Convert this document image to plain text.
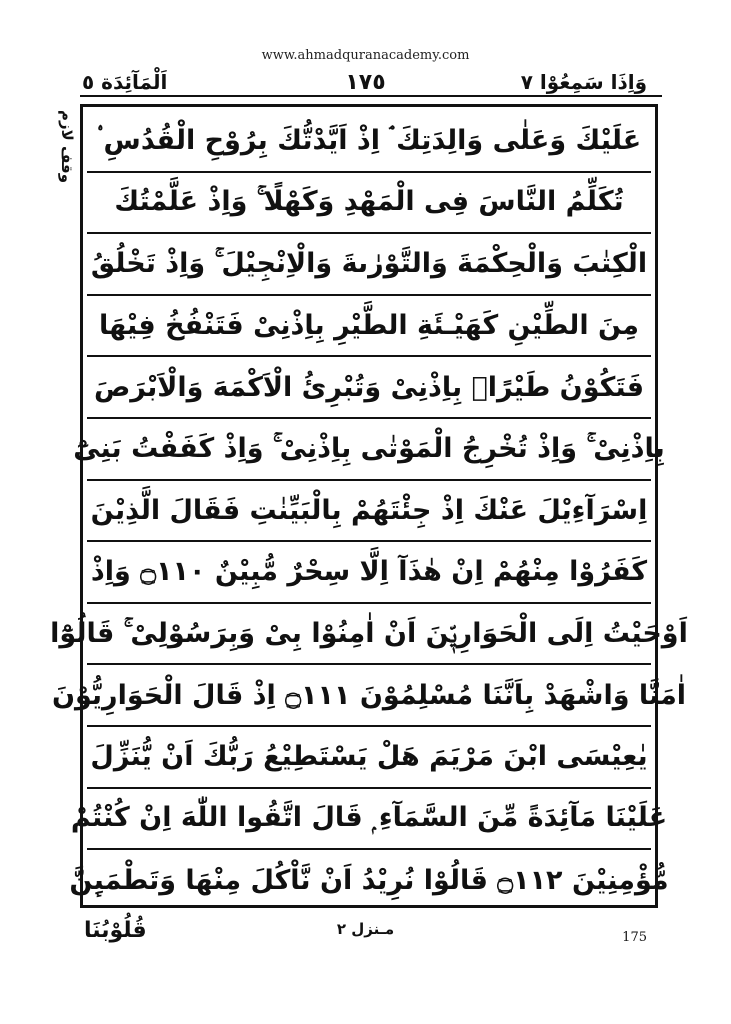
www.ahmadquranacademy.com
اَلْمَآئِدَة ٥	١٧٥	وَاِذَا سَمِعُوْا ٧
وقف لازم عَلَيْكَ وَعَلٰى وَالِدَتِكَ ۘ اِذْ اَيَّدْتُّكَ بِرُوْحِ الْقُدُسِ ۟
تُكَلِّمُ النَّاسَ فِى الْمَهْدِ وَكَهْلًا ۚ وَاِذْ عَلَّمْتُكَ
الْكِتٰبَ وَالْحِكْمَةَ وَالتَّوْرٰىةَ وَالْاِنْجِيْلَ ۚ وَاِذْ تَخْلُقُ
مِنَ الطِّيْنِ كَهَيْـئَةِ الطَّيْرِ بِاِذْنِىْ فَتَنْفُخُ فِيْهَا
فَتَكُوْنُ طَيْرًاۢ بِاِذْنِىْ وَتُبْرِئُ الْاَكْمَهَ وَالْاَبْرَصَ
بِاِذْنِىْ ۚ وَاِذْ تُخْرِجُ الْمَوْتٰى بِاِذْنِىْ ۚ وَاِذْ كَفَفْتُ بَنِىْٓ
اِسْرَآءِيْلَ عَنْكَ اِذْ جِئْتَهُمْ بِالْبَيِّنٰتِ فَقَالَ الَّذِيْنَ
كَفَرُوْا مِنْهُمْ اِنْ هٰذَآ اِلَّا سِحْرٌ مُّبِيْنٌ ۝١١٠ وَاِذْ
اَوْحَيْتُ اِلَى الْحَوَارِيّٖنَ اَنْ اٰمِنُوْا بِىْ وَبِرَسُوْلِىْ ۚ قَالُوْٓا
اٰمَنَّا وَاشْهَدْ بِاَنَّنَا مُسْلِمُوْنَ ۝١١١ اِذْ قَالَ الْحَوَارِيُّوْنَ
يٰعِيْسَى ابْنَ مَرْيَمَ هَلْ يَسْتَطِيْعُ رَبُّكَ اَنْ يُّنَزِّلَ
عَلَيْنَا مَآئِدَةً مِّنَ السَّمَآءِ ۭ قَالَ اتَّقُوا اللّٰهَ اِنْ كُنْتُمْ
مُّؤْمِنِيْنَ ۝١١٢ قَالُوْا نُرِيْدُ اَنْ نَّاْكُلَ مِنْهَا وَتَطْمَىِٕنَّ
قُلُوْبُنَا	مـنزل ٢	175
